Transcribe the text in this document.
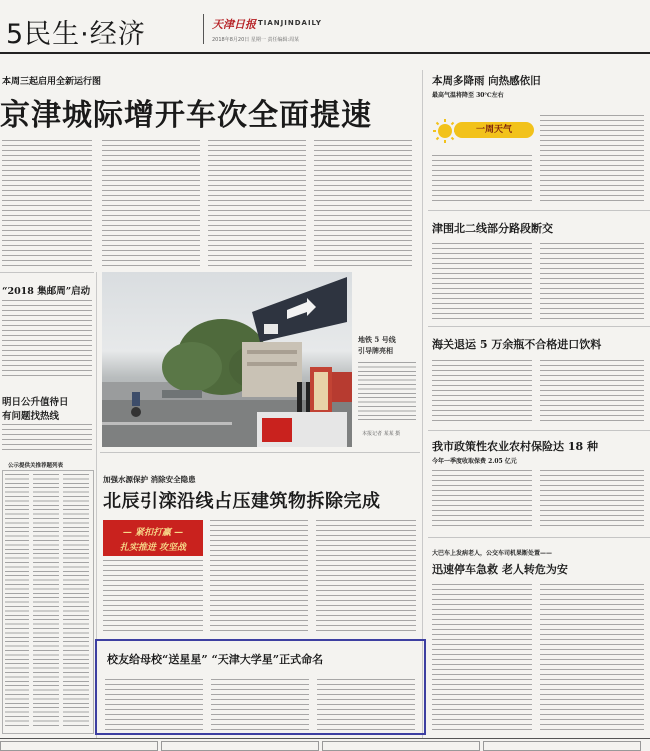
5民生·经济	天津日报 TIANJINDAILY
2018年8月20日 星期一 责任编辑:周某
本周三起启用全新运行图
京津城际增开车次全面提速
“2018 集邮周”启动
明日公升值待日
有问题找热线
公示提供关推荐题列表
地铁 5 号线
引导牌亮相
本报记者 某某 摄
加强水源保护 消除安全隐患
北辰引滦沿线占压建筑物拆除完成
— 紧扣打赢 —
扎实推进 攻坚战
校友给母校“送星星” “天津大学星”正式命名
本周多降雨 向热感依旧
最高气温将降至 30℃左右
一周天气
津围北二线部分路段断交
海关退运 5 万余瓶不合格进口饮料
我市政策性农业农村保险达 18 种
今年一季度收取保费 2.05 亿元
大巴车上发病老人，公交车司机果断处置——
迅速停车急救 老人转危为安
